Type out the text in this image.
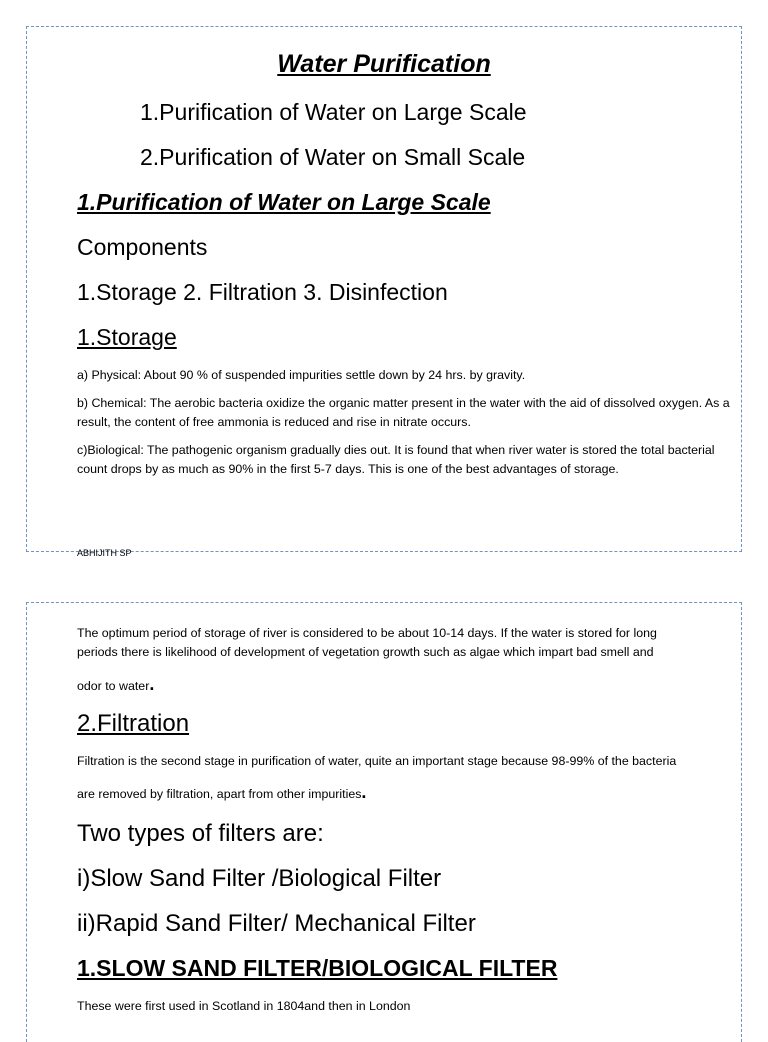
Water Purification
1.Purification of Water on Large Scale
2.Purification of Water on Small Scale
1.Purification of Water on Large Scale
Components
1.Storage 2. Filtration 3. Disinfection
1.Storage
a) Physical: About 90 % of suspended impurities settle down by 24 hrs. by gravity.
b) Chemical: The aerobic bacteria oxidize the organic matter present in the water with the aid of dissolved oxygen. As a result, the content of free ammonia is reduced and rise in nitrate occurs.
c)Biological: The pathogenic organism gradually dies out. It is found that when river water is stored the total bacterial count drops by as much as 90% in the first 5-7 days. This is one of the best advantages of storage.
ABHIJITH SP
The optimum period of storage of river is considered to be about 10-14 days. If the water is stored for long
periods there is likelihood of development of vegetation growth such as algae which impart bad smell and
odor to water.
2.Filtration
Filtration is the second stage in purification of water, quite an important stage because 98-99% of the bacteria
are removed by filtration, apart from other impurities.
Two types of filters are:
i)Slow Sand Filter /Biological Filter
ii)Rapid Sand Filter/ Mechanical Filter
1.SLOW SAND FILTER/BIOLOGICAL FILTER
These were first used in Scotland in 1804and then in London
